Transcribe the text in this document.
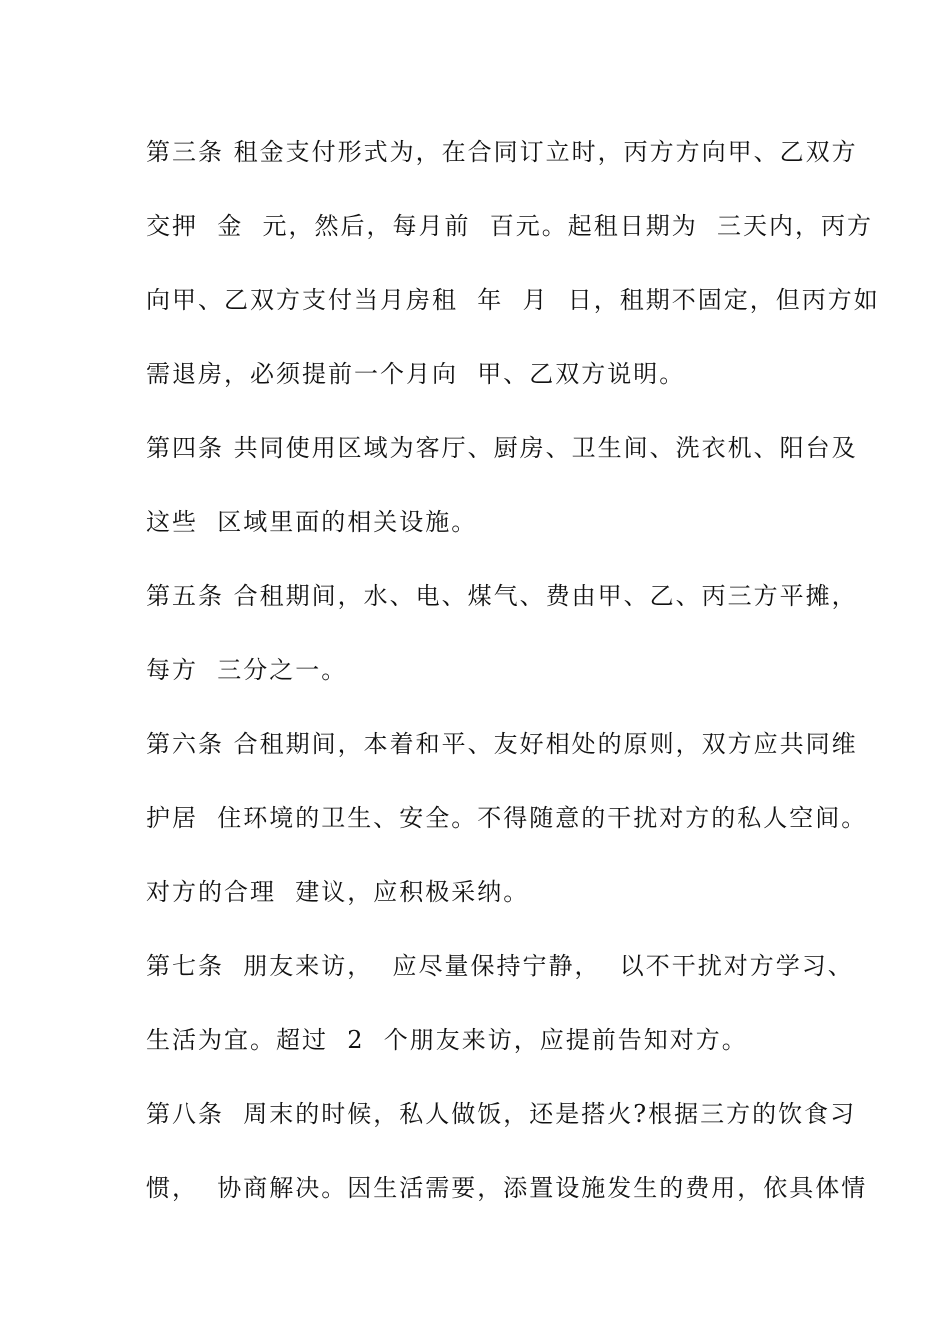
第三条 租金支付形式为，在合同订立时，丙方方向甲、乙双方
交押  金  元，然后，每月前  百元。起租日期为  三天内，丙方
向甲、乙双方支付当月房租  年  月  日，租期不固定，但丙方如
需退房，必须提前一个月向  甲、乙双方说明。
第四条 共同使用区域为客厅、厨房、卫生间、洗衣机、阳台及
这些  区域里面的相关设施。
第五条 合租期间，水、电、煤气、费由甲、乙、丙三方平摊，
每方  三分之一。
第六条 合租期间，本着和平、友好相处的原则，双方应共同维
护居  住环境的卫生、安全。不得随意的干扰对方的私人空间。
对方的合理  建议，应积极采纳。
第七条  朋友来访，  应尽量保持宁静，  以不干扰对方学习、
生活为宜。超过  2  个朋友来访，应提前告知对方。
第八条  周末的时候，私人做饭，还是搭火?根据三方的饮食习
惯，  协商解决。因生活需要，添置设施发生的费用，依具体情
